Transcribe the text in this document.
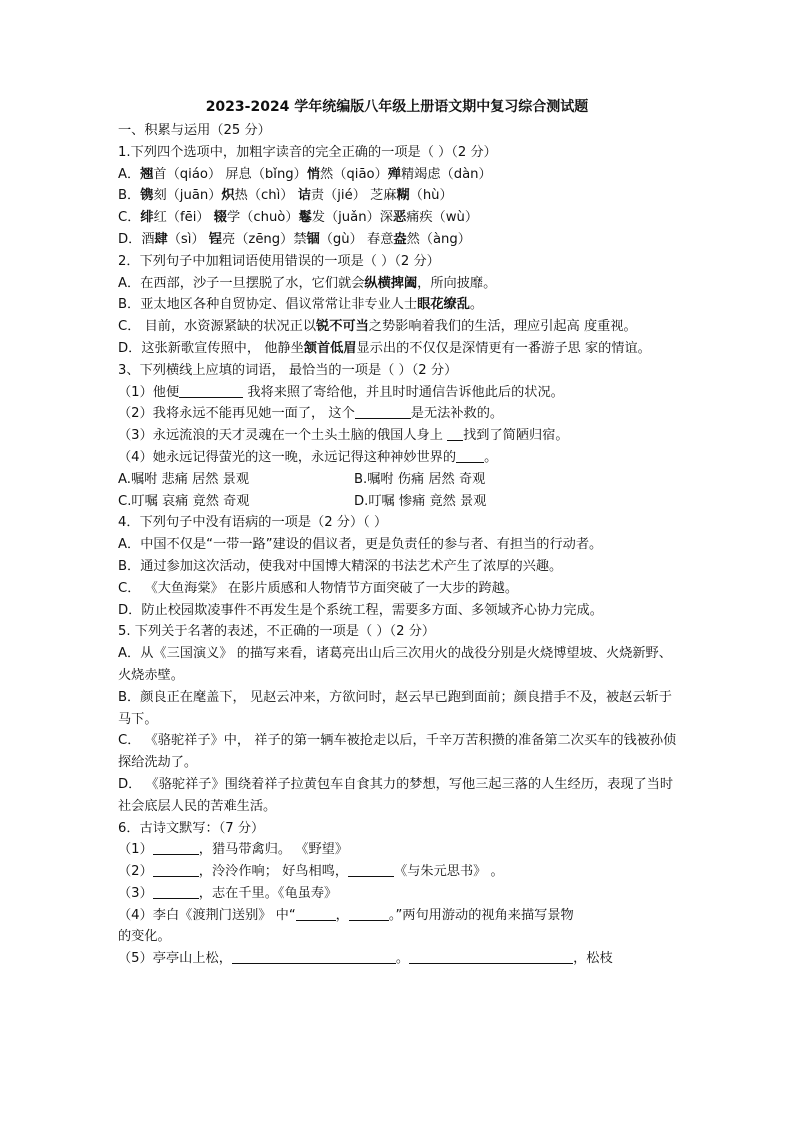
2023-2024 学年统编版八年级上册语文期中复习综合测试题
一、积累与运用（25 分）
1.下列四个选项中，加粗字读音的完全正确的一项是（ ）（2 分）
A．翘首（qiáo） 屏息（bǐng）悄然（qiāo）殚精竭虑（dàn）
B．镌刻（juān）炽热（chì） 诘责（jié） 芝麻糊（hù）
C．绯红（fēi） 辍学（chuò）鬈发（juǎn）深恶痛疾（wù）
D．酒肆（sì） 锃亮（zēng）禁锢（gù） 春意盎然（àng）
2．下列句子中加粗词语使用错误的一项是（ ）（2 分）
A．在西部，沙子一旦摆脱了水，它们就会纵横捭阖，所向披靡。
B．亚太地区各种自贸协定、倡议常常让非专业人士眼花缭乱。
C． 目前，水资源紧缺的状况正以锐不可当之势影响着我们的生活，理应引起高 度重视。
D．这张新歌宣传照中， 他静坐颔首低眉显示出的不仅仅是深情更有一番游子思 家的情谊。
3、下列横线上应填的词语， 最恰当的一项是（ ）（2 分）
（1）他便	我将来照了寄给他，并且时时通信告诉他此后的状况。
（2）我将永远不能再见她一面了， 这个	是无法补救的。
（3）永远流浪的天才灵魂在一个土头土脑的俄国人身上 找到了简陋归宿。
（4）她永远记得萤光的这一晚，永远记得这种神妙世界的 。
A.嘱咐 悲痛 居然 景观	B.嘱咐 伤痛 居然 奇观
C.叮嘱 哀痛 竟然 奇观	D.叮嘱 惨痛 竟然 景观
4．下列句子中没有语病的一项是（2 分）（ ）
A．中国不仅是“一带一路”建设的倡议者，更是负责任的参与者、有担当的行动者。
B．通过参加这次活动，使我对中国博大精深的书法艺术产生了浓厚的兴趣。
C． 《大鱼海棠》 在影片质感和人物情节方面突破了一大步的跨越。
D．防止校园欺凌事件不再发生是个系统工程，需要多方面、多领域齐心协力完成。
5. 下列关于名著的表述，不正确的一项是（ ）（2 分）
A．从《三国演义》 的描写来看，诸葛亮出山后三次用火的战役分别是火烧博望坡、火烧新野、火烧赤壁。
B．颜良正在麾盖下， 见赵云冲来，方欲问时，赵云早已跑到面前；颜良措手不及，被赵云斩于马下。
C． 《骆驼祥子》中， 祥子的第一辆车被抢走以后，千辛万苦积攒的准备第二次买车的钱被孙侦探给洗劫了。
D． 《骆驼祥子》围绕着祥子拉黄包车自食其力的梦想，写他三起三落的人生经历，表现了当时社会底层人民的苦难生活。
6．古诗文默写：（7 分）
（1）	，猎马带禽归。 《野望》
（2）	，泠泠作响； 好鸟相鸣，	《与朱元思书》 。
（3）	，志在千里。《龟虽寿》
（4）李白《渡荆门送别》 中“	，	。”两句用游动的视角来描写景物
的变化。
（5）亭亭山上松，	。	，松枝
